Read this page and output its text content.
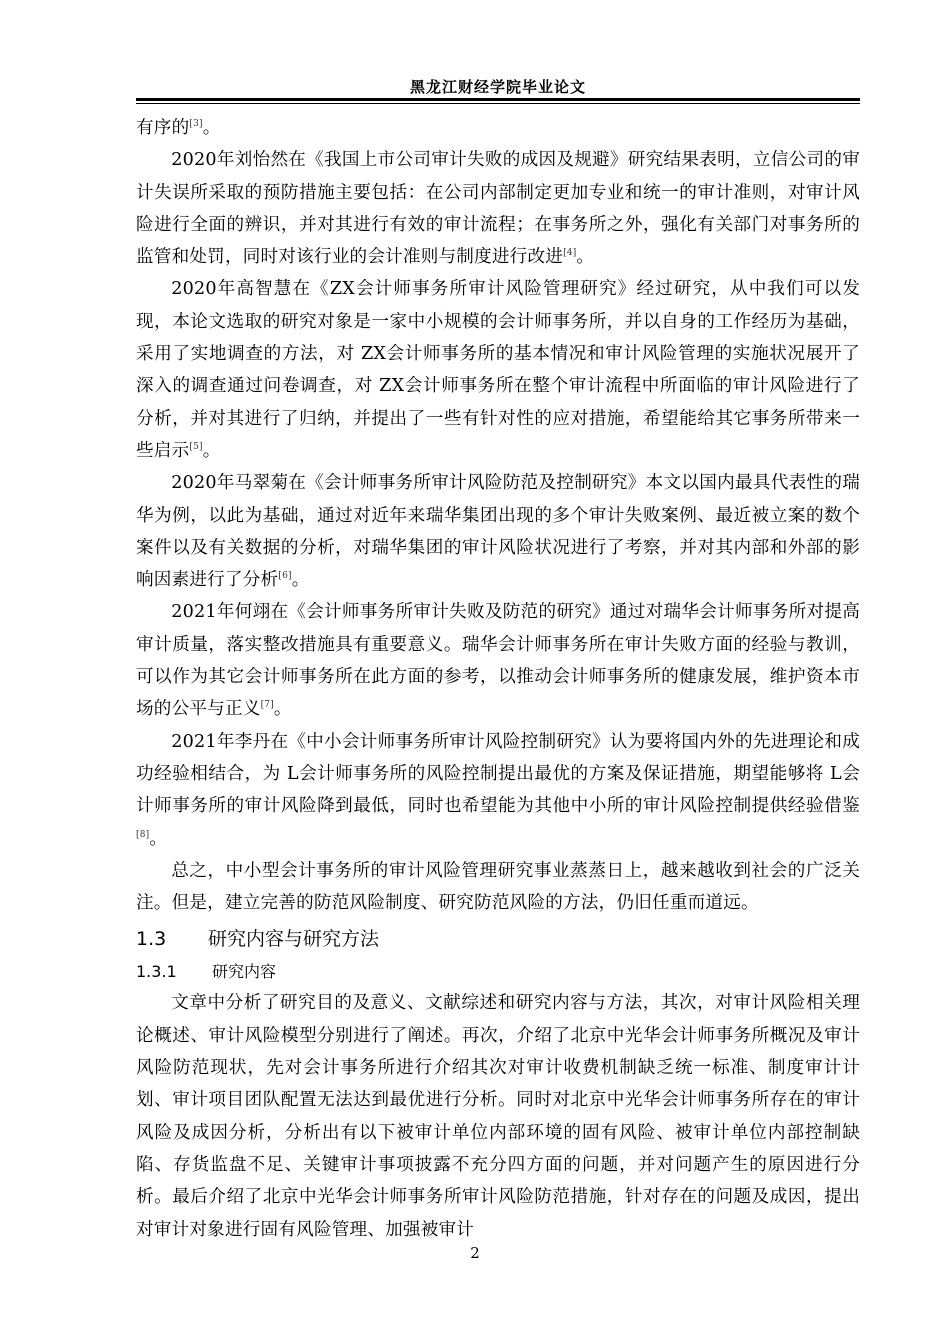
黑龙江财经学院毕业论文

有序的[3]。

2020年刘怡然在《我国上市公司审计失败的成因及规避》研究结果表明，立信公司的审计失误所采取的预防措施主要包括：在公司内部制定更加专业和统一的审计准则，对审计风险进行全面的辨识，并对其进行有效的审计流程；在事务所之外，强化有关部门对事务所的监管和处罚，同时对该行业的会计准则与制度进行改进[4]。

2020年高智慧在《ZX会计师事务所审计风险管理研究》经过研究，从中我们可以发现，本论文选取的研究对象是一家中小规模的会计师事务所，并以自身的工作经历为基础，采用了实地调查的方法，对 ZX会计师事务所的基本情况和审计风险管理的实施状况展开了深入的调查通过问卷调查，对 ZX会计师事务所在整个审计流程中所面临的审计风险进行了分析，并对其进行了归纳，并提出了一些有针对性的应对措施，希望能给其它事务所带来一些启示[5]。

2020年马翠菊在《会计师事务所审计风险防范及控制研究》本文以国内最具代表性的瑞华为例，以此为基础，通过对近年来瑞华集团出现的多个审计失败案例、最近被立案的数个案件以及有关数据的分析，对瑞华集团的审计风险状况进行了考察，并对其内部和外部的影响因素进行了分析[6]。

2021年何翊在《会计师事务所审计失败及防范的研究》通过对瑞华会计师事务所对提高审计质量，落实整改措施具有重要意义。瑞华会计师事务所在审计失败方面的经验与教训，可以作为其它会计师事务所在此方面的参考，以推动会计师事务所的健康发展，维护资本市场的公平与正义[7]。

2021年李丹在《中小会计师事务所审计风险控制研究》认为要将国内外的先进理论和成功经验相结合，为 L会计师事务所的风险控制提出最优的方案及保证措施，期望能够将 L会计师事务所的审计风险降到最低，同时也希望能为其他中小所的审计风险控制提供经验借鉴[8]。

总之，中小型会计事务所的审计风险管理研究事业蒸蒸日上，越来越收到社会的广泛关注。但是，建立完善的防范风险制度、研究防范风险的方法，仍旧任重而道远。

1.3 研究内容与研究方法
1.3.1 研究内容

文章中分析了研究目的及意义、文献综述和研究内容与方法，其次，对审计风险相关理论概述、审计风险模型分别进行了阐述。再次，介绍了北京中光华会计师事务所概况及审计风险防范现状，先对会计事务所进行介绍其次对审计收费机制缺乏统一标准、制度审计计划、审计项目团队配置无法达到最优进行分析。同时对北京中光华会计师事务所存在的审计风险及成因分析，分析出有以下被审计单位内部环境的固有风险、被审计单位内部控制缺陷、存货监盘不足、关键审计事项披露不充分四方面的问题，并对问题产生的原因进行分析。最后介绍了北京中光华会计师事务所审计风险防范措施，针对存在的问题及成因，提出对审计对象进行固有风险管理、加强被审计

2
